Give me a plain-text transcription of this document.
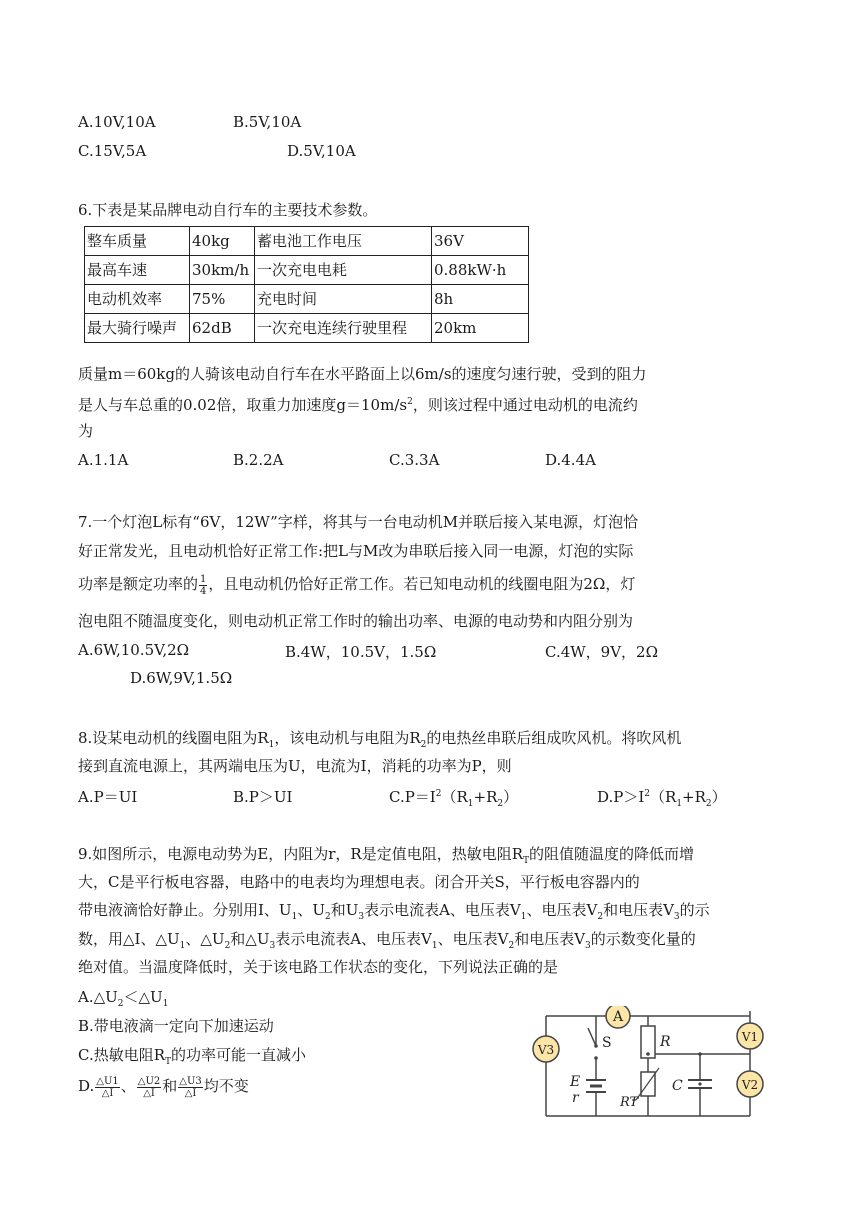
A.10V,10A	B.5V,10A
C.15V,5A	D.5V,10A
6.下表是某品牌电动自行车的主要技术参数。
整车质量	40kg	蓄电池工作电压	36V
最高车速	30km/h	一次充电电耗	0.88kW·h
电动机效率	75%	充电时间	8h
最大骑行噪声	62dB	一次充电连续行驶里程	20km
质量m＝60kg的人骑该电动自行车在水平路面上以6m/s的速度匀速行驶，受到的阻力
是人与车总重的0.02倍，取重力加速度$g=10m/s^2$，则该过程中通过电动机的电流约
为
A.1.1A	B.2.2A	C.3.3A	D.4.4A
7.一个灯泡L标有“6V，12W”字样，将其与一台电动机M并联后接入某电源，灯泡恰
好正常发光，且电动机恰好正常工作:把L与M改为串联后接入同一电源，灯泡的实际
功率是额定功率的 $\frac{1}{4}$ ，且电动机仍恰好正常工作。若已知电动机的线圈电阻为2Ω，灯
泡电阻不随温度变化，则电动机正常工作时的输出功率、电源的电动势和内阻分别为
A.6W,10.5V,2Ω	B.4W，10.5V，1.5Ω	C.4W，9V，2Ω
D.6W,9V,1.5Ω
8.设某电动机的线圈电阻为$R_1$，该电动机与电阻为$R_2$的电热丝串联后组成吹风机。将吹风机
接到直流电源上，其两端电压为U，电流为I，消耗的功率为P，则
A.P＝UI	B.P＞UI	$C.P=I^2(R_1+R_2)$	$D.P>I^2(R_1+R_2)$
9.如图所示，电源电动势为E，内阻为r，R是定值电阻，热敏电阻$R_T$的阻值随温度的降低而增
大，C是平行板电容器，电路中的电表均为理想电表。闭合开关S，平行板电容器内的
带电液滴恰好静止。分别用I、$U_1$、$U_2$和$U_3$表示电流表A、电压表$V_1$、电压表$V_2$和电压表$V_3$的示
数，用△I、$\triangle U_1$、$\triangle U_2$和$\triangle U_3$表示电流表A、电压表$V_1$、电压表$V_2$和电压表$V_3$的示数变化量的
绝对值。当温度降低时，关于该电路工作状态的变化，下列说法正确的是
$A.\triangle U_2<\triangle U_1$
B.带电液滴一定向下加速运动
C.热敏电阻$R_T$的功率可能一直减小
D. $\frac{\triangle U1}{\triangle I}$ 、 $\frac{\triangle U2}{\triangle I}$ 和 $\frac{\triangle U3}{\triangle I}$ 均不变
A
V1
V2
V3	S
E
r
R
RT
C
